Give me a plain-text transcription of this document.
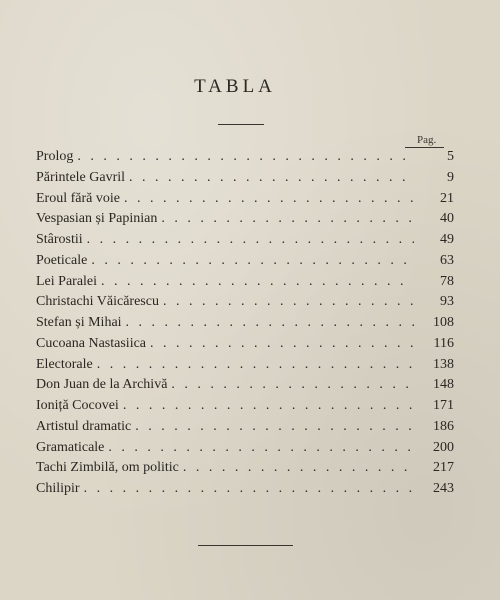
TABLA
Pag.
Prolog . . .	5
Părintele Gavril . . .	9
Eroul fără voie . . .	21
Vespasian și Papinian . . .	40
Stârostii . . .	49
Poeticale . . .	63
Lei Paralei . . .	78
Christachi Văicărescu . . .	93
Stefan și Mihai . . .	108
Cucoana Nastasiica . . .	116
Electorale . . .	138
Don Juan de la Archivă . . .	148
Ioniță Cocovei . . .	171
Artistul dramatic . . .	186
Gramaticale . . .	200
Tachi Zimbilă, om politic . . .	217
Chilipir . . .	243
